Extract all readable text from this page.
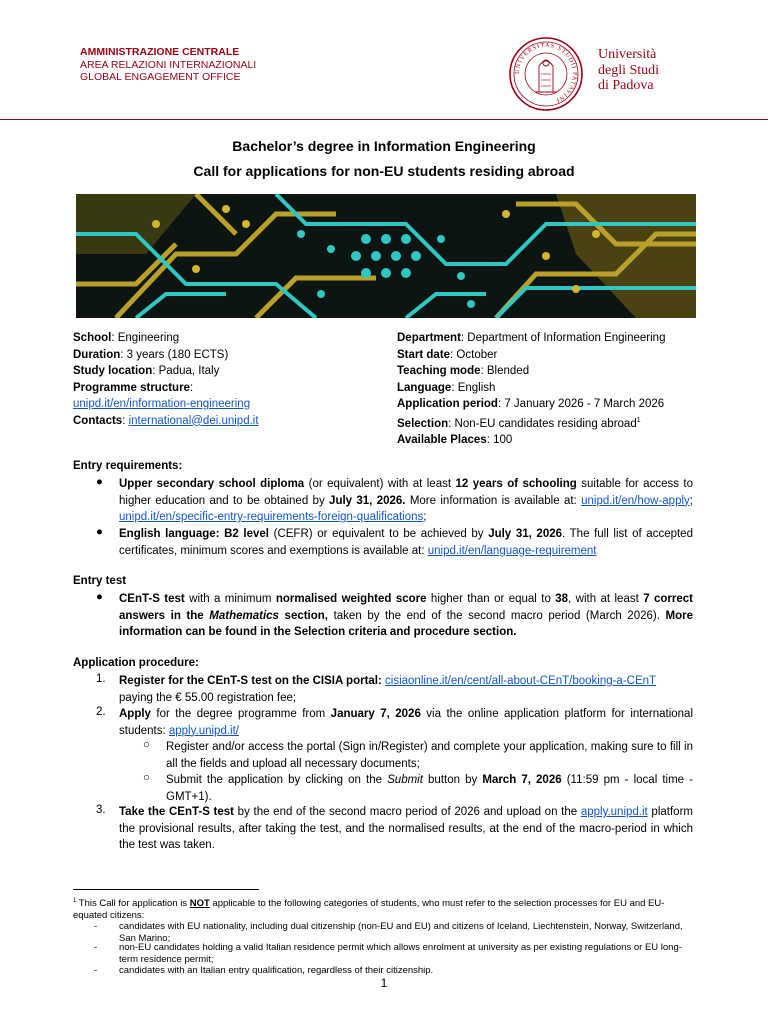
AMMINISTRAZIONE CENTRALE
AREA RELAZIONI INTERNAZIONALI
GLOBAL ENGAGEMENT OFFICE	UNIVERSITAS STUDII PATAVINI
Università
degli Studi
di Padova
Bachelor’s degree in Information Engineering
Call for applications for non-EU students residing abroad
School: Engineering
Duration: 3 years (180 ECTS)
Study location: Padua, Italy
Programme structure:
unipd.it/en/information-engineering
Contacts: international@dei.unipd.it
Department: Department of Information Engineering
Start date: October
Teaching mode: Blended
Language: English
Application period: 7 January 2026 - 7 March 2026
Selection: Non-EU candidates residing abroad$^1$
Available Places: 100
Entry requirements:
● Upper secondary school diploma (or equivalent) with at least 12 years of schooling suitable for access to higher education and to be obtained by July 31, 2026. More information is available at: unipd.it/en/how-apply; unipd.it/en/specific-entry-requirements-foreign-qualifications;
● English language: B2 level (CEFR) or equivalent to be achieved by July 31, 2026. The full list of accepted certificates, minimum scores and exemptions is available at: unipd.it/en/language-requirement
Entry test
● CEnT-S test with a minimum normalised weighted score higher than or equal to 38, with at least 7 correct answers in the Mathematics section, taken by the end of the second macro period (March 2026). More information can be found in the Selection criteria and procedure section.
Application procedure:
1. Register for the CEnT-S test on the CISIA portal: cisiaonline.it/en/cent/all-about-CEnT/booking-a-CEnT
paying the € 55.00 registration fee;
2. Apply for the degree programme from January 7, 2026 via the online application platform for international students: apply.unipd.it/
○ Register and/or access the portal (Sign in/Register) and complete your application, making sure to fill in all the fields and upload all necessary documents;
○ Submit the application by clicking on the Submit button by March 7, 2026 (11:59 pm - local time - GMT+1).
3. Take the CEnT-S test by the end of the second macro period of 2026 and upload on the apply.unipd.it platform the provisional results, after taking the test, and the normalised results, at the end of the macro-period in which the test was taken.
$^1$ This Call for application is NOT applicable to the following categories of students, who must refer to the selection processes for EU and EU-equated citizens:
- candidates with EU nationality, including dual citizenship (non-EU and EU) and citizens of Iceland, Liechtenstein, Norway, Switzerland, San Marino;
- non-EU candidates holding a valid Italian residence permit which allows enrolment at university as per existing regulations or EU long-term residence permit;
- candidates with an Italian entry qualification, regardless of their citizenship.
1
